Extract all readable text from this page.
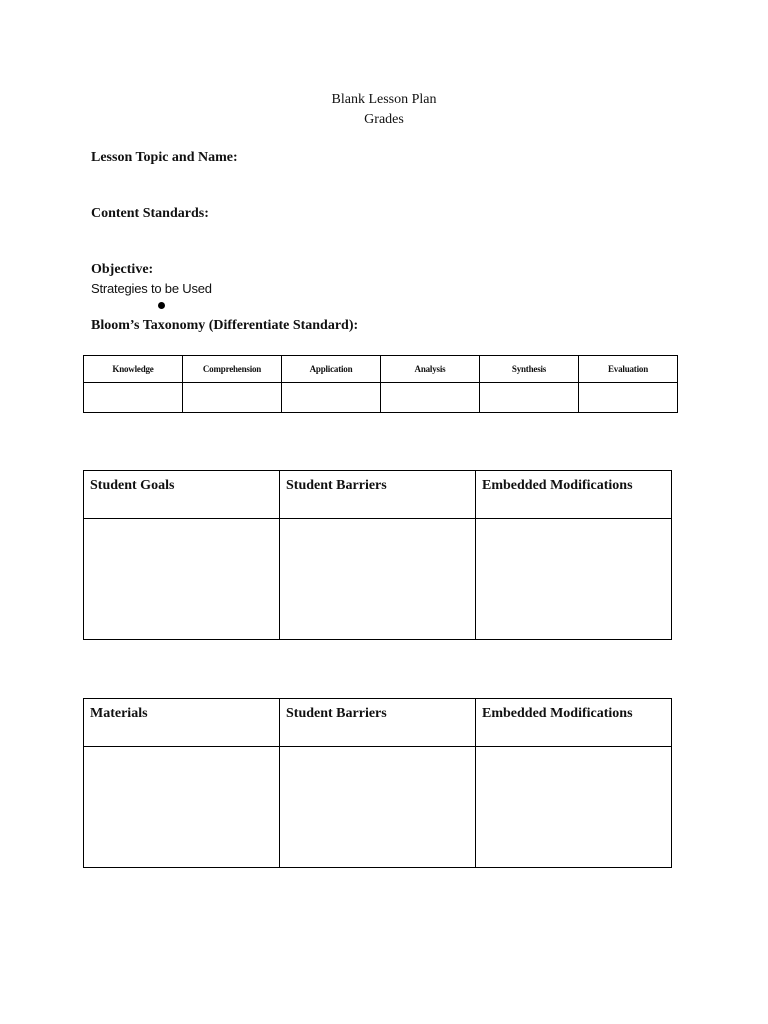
Blank Lesson Plan
Grades
Lesson Topic and Name:
Content Standards:
Objective:
Strategies to be Used
Bloom’s Taxonomy (Differentiate Standard):
Knowledge	Comprehension	Application	Analysis	Synthesis	Evaluation

Student Goals	Student Barriers	Embedded Modifications

Materials	Student Barriers	Embedded Modifications
